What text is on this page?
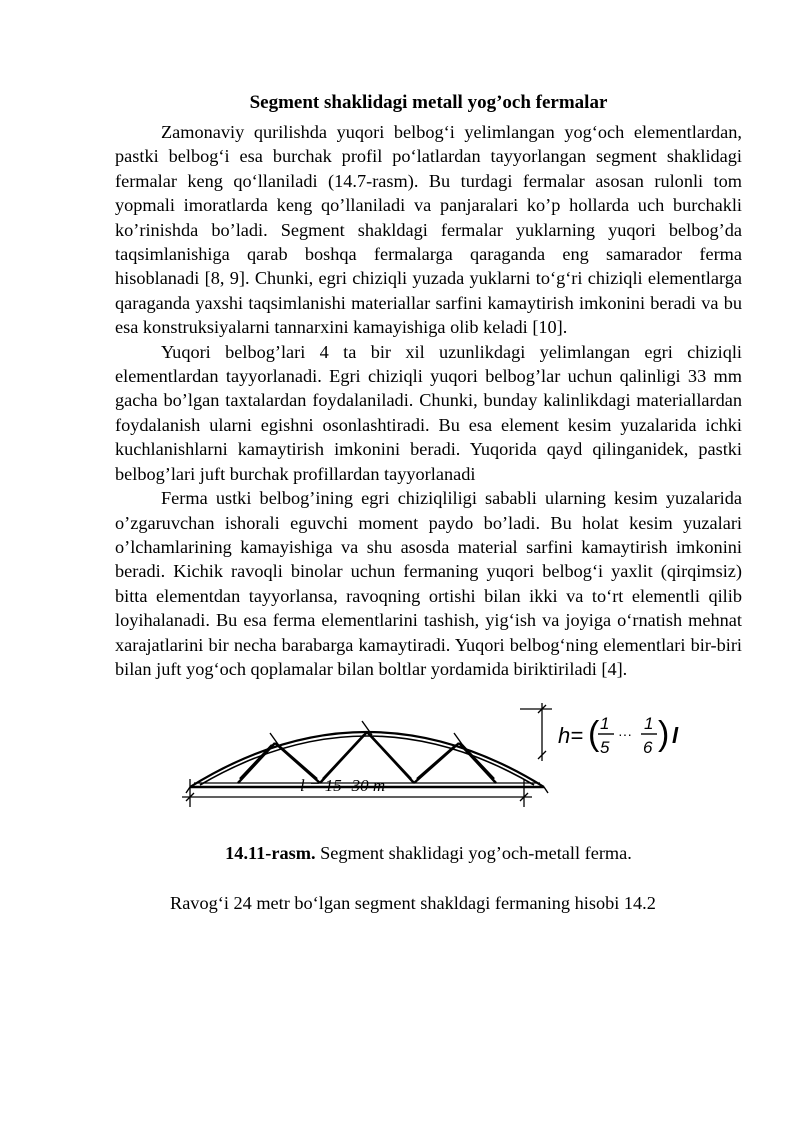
Segment shaklidagi metall yog’och fermalar

Zamonaviy qurilishda yuqori belbog‘i yelimlangan yog‘och elementlardan, pastki belbog‘i esa burchak profil po‘latlardan tayyorlangan segment shaklidagi fermalar keng qo‘llaniladi (14.7-rasm). Bu turdagi fermalar asosan rulonli tom yopmali imoratlarda keng qo’llaniladi va panjaralari ko’p hollarda uch burchakli ko’rinishda bo’ladi. Segment shakldagi fermalar yuklarning yuqori belbog’da taqsimlanishiga qarab boshqa fermalarga qaraganda eng samarador ferma hisoblanadi [8, 9]. Chunki, egri chiziqli yuzada yuklarni to‘g‘ri chiziqli elementlarga qaraganda yaxshi taqsimlanishi materiallar sarfini kamaytirish imkonini beradi va bu esa konstruksiyalarni tannarxini kamayishiga olib keladi [10].

Yuqori belbog’lari 4 ta bir xil uzunlikdagi yelimlangan egri chiziqli elementlardan tayyorlanadi. Egri chiziqli yuqori belbog’lar uchun qalinligi 33 mm gacha bo’lgan taxtalardan foydalaniladi. Chunki, bunday kalinlikdagi materiallardan foydalanish ularni egishni osonlashtiradi. Bu esa element kesim yuzalarida ichki kuchlanishlarni kamaytirish imkonini beradi. Yuqorida qayd qilinganidek, pastki belbog’lari juft burchak profillardan tayyorlanadi

Ferma ustki belbog’ining egri chiziqliligi sababli ularning kesim yuzalarida o’zgaruvchan ishorali eguvchi moment paydo bo’ladi. Bu holat kesim yuzalari o’lchamlarining kamayishiga va shu asosda material sarfini kamaytirish imkonini beradi. Kichik ravoqli binolar uchun fermaning yuqori belbog‘i yaxlit (qirqimsiz) bitta elementdan tayyorlansa, ravoqning ortishi bilan ikki va to‘rt elementli qilib loyihalanadi. Bu esa ferma elementlarini tashish, yig‘ish va joyiga o‘rnatish mehnat xarajatlarini bir necha barabarga kamaytiradi. Yuqori belbog‘ning elementlari bir-biri bilan juft yog‘och qoplamalar bilan boltlar yordamida biriktiriladi [4].

l = 15 -30 m
h= ( 1
5
···
1
6 ) l
14.11-rasm. Segment shaklidagi yog’och-metall ferma.
Ravog‘i 24 metr bo‘lgan segment shakldagi fermaning hisobi 14.2
